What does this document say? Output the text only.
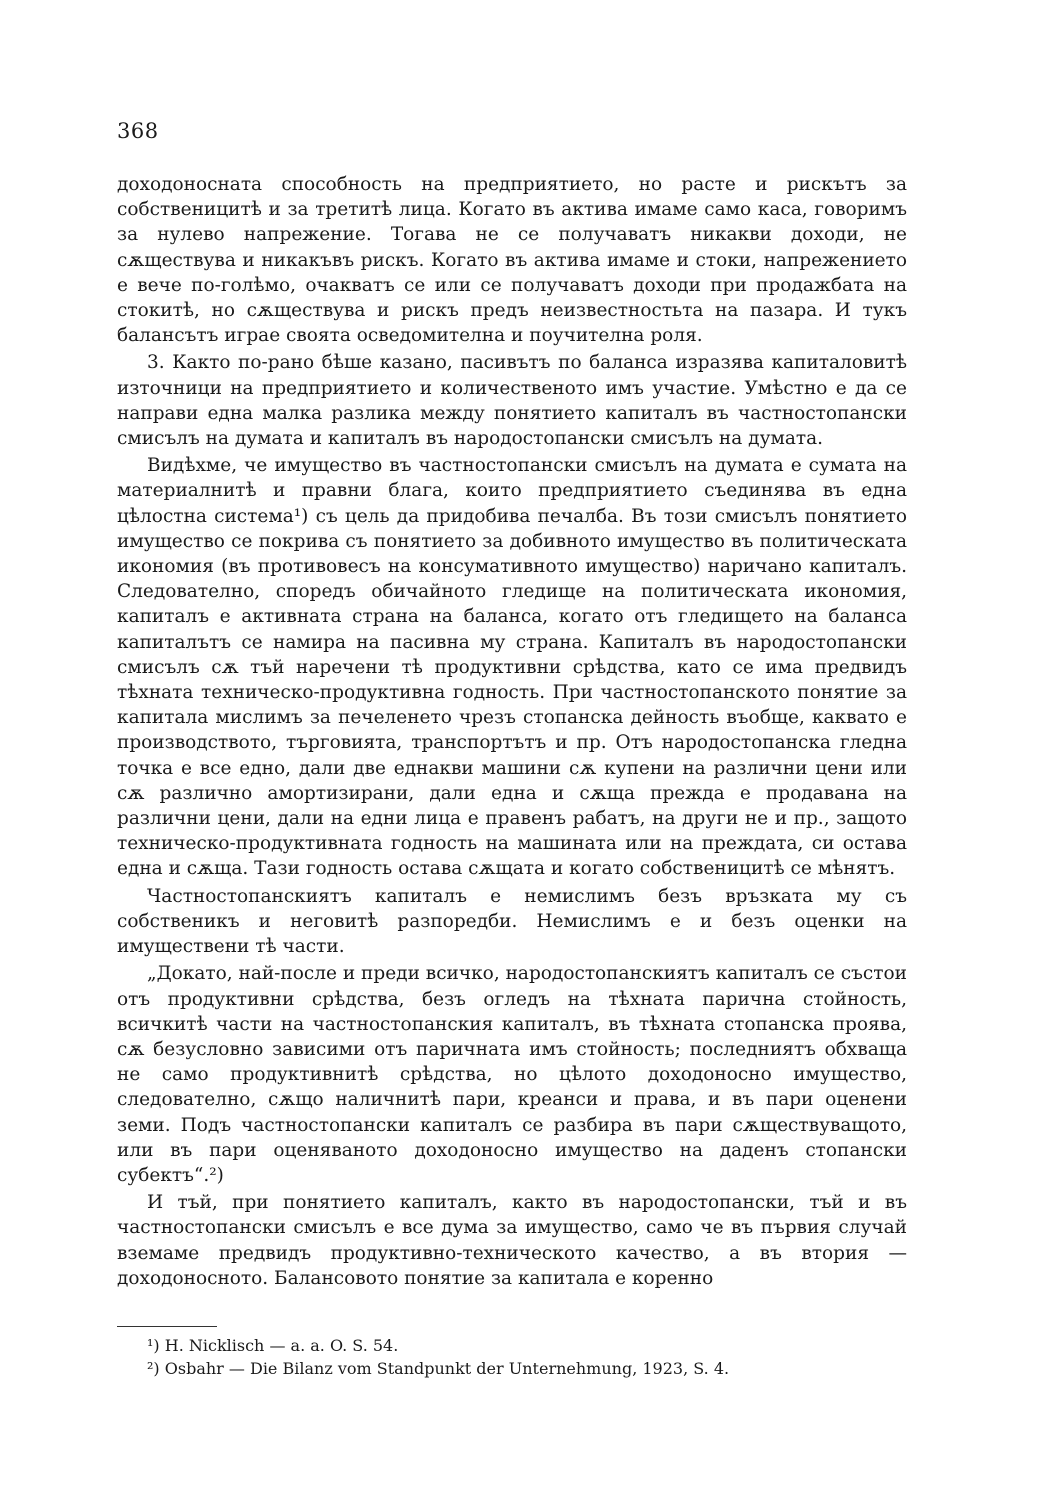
368

доходоносната способность на предприятието, но расте и рискътъ за собственицитѣ и за третитѣ лица. Когато въ актива имаме само каса, говоримъ за нулево напрежение. Тогава не се получаватъ никакви доходи, не сѫществува и никакъвъ рискъ. Когато въ актива имаме и стоки, напрежението е вече по-голѣмо, очакватъ се или се получаватъ доходи при продажбата на стокитѣ, но сѫществува и рискъ предъ неизвестностьта на пазара. И тукъ балансътъ играе своята осведомителна и поучителна роля.

3. Както по-рано бѣше казано, пасивътъ по баланса изразява капиталовитѣ източници на предприятието и количественото имъ участие. Умѣстно е да се направи една малка разлика между понятието капиталъ въ частностопански смисълъ на думата и капиталъ въ народостопански смисълъ на думата.

Видѣхме, че имущество въ частностопански смисълъ на думата е сумата на материалнитѣ и правни блага, които предприятието съединява въ една цѣлостна система¹) съ цель да придобива печалба. Въ този смисълъ понятието имущество се покрива съ понятието за добивното имущество въ политическата икономия (въ противовесъ на консумативното имущество) наричано капиталъ. Следователно, споредъ обичайното гледище на политическата икономия, капиталъ е активната страна на баланса, когато отъ гледището на баланса капиталътъ се намира на пасивна му страна. Капиталъ въ народостопански смисълъ сѫ тъй наречени тѣ продуктивни срѣдства, като се има предвидъ тѣхната техническо-продуктивна годность. При частностопанското понятие за капитала мислимъ за печеленето чрезъ стопанска дейность въобще, каквато е производството, търговията, транспортътъ и пр. Отъ народостопанска гледна точка е все едно, дали две еднакви машини сѫ купени на различни цени или сѫ различно амортизирани, дали една и сѫща прежда е продавана на различни цени, дали на едни лица е правенъ рабатъ, на други не и пр., защото техническо-продуктивната годность на машината или на преждата, си остава една и сѫща. Тази годность остава сѫщата и когато собственицитѣ се мѣнятъ.

Частностопанскиятъ капиталъ е немислимъ безъ връзката му съ собственикъ и неговитѣ разпоредби. Немислимъ е и безъ оценки на имуществени тѣ части.

„Докато, най-после и преди всичко, народостопанскиятъ капиталъ се състои отъ продуктивни срѣдства, безъ огледъ на тѣхната парична стойность, всичкитѣ части на частностопанския капиталъ, въ тѣхната стопанска проява, сѫ безусловно зависими отъ паричната имъ стойность; последниятъ обхваща не само продуктивнитѣ срѣдства, но цѣлото доходоносно имущество, следователно, сѫщо наличнитѣ пари, креанси и права, и въ пари оценени земи. Подъ частностопански капиталъ се разбира въ пари сѫществуващото, или въ пари оценяваното доходоносно имущество на даденъ стопански субектъ“.²)

И тъй, при понятието капиталъ, както въ народостопански, тъй и въ частностопански смисълъ е все дума за имущество, само че въ първия случай вземаме предвидъ продуктивно-техническото качество, а въ втория — доходоносното. Балансовото понятие за капитала е коренно

¹) H. Nicklisch — a. a. O. S. 54.

²) Osbahr — Die Bilanz vom Standpunkt der Unternehmung, 1923, S. 4.
